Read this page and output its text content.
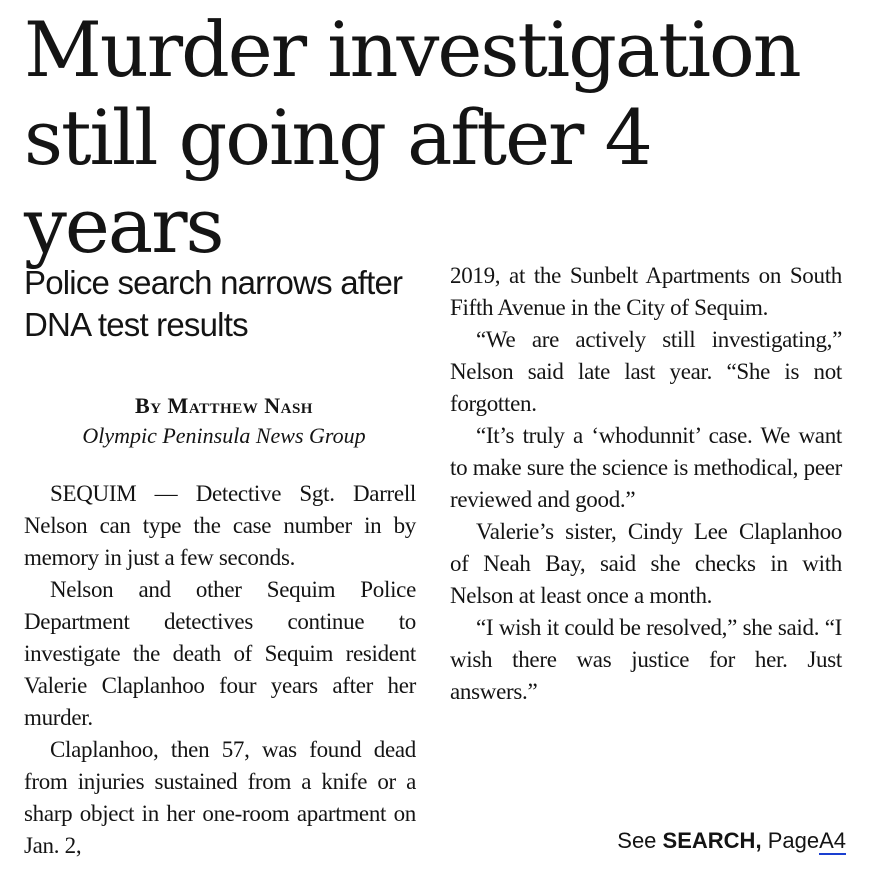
Murder investigation still going after 4 years
Police search narrows after DNA test results
By Matthew Nash
Olympic Peninsula News Group

SEQUIM — Detective Sgt. Darrell Nelson can type the case number in by memory in just a few seconds.

Nelson and other Sequim Police Department detectives continue to investigate the death of Sequim resident Valerie Claplanhoo four years after her murder.

Claplanhoo, then 57, was found dead from injuries sustained from a knife or a sharp object in her one-room apartment on Jan. 2,

2019, at the Sunbelt Apartments on South Fifth Avenue in the City of Sequim.

“We are actively still investigating,” Nelson said late last year. “She is not forgotten.

“It’s truly a ‘whodunnit’ case. We want to make sure the science is methodical, peer reviewed and good.”

Valerie’s sister, Cindy Lee Claplanhoo of Neah Bay, said she checks in with Nelson at least once a month.

“I wish it could be resolved,” she said. “I wish there was justice for her. Just answers.”

See SEARCH, PageA4
